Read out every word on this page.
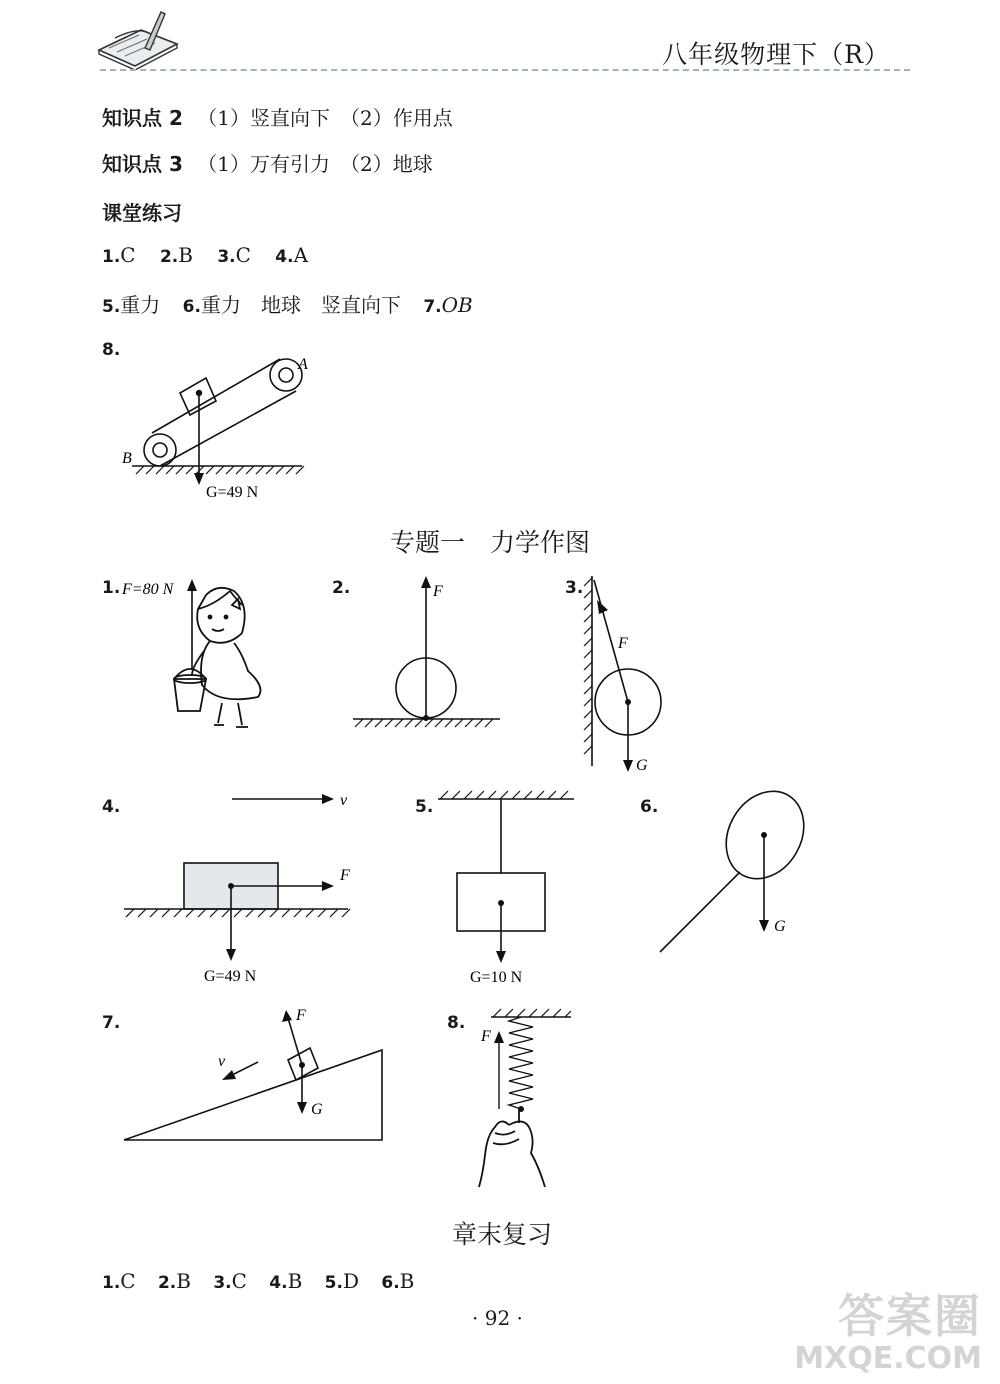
八年级物理下（R）
知识点 2 （1）竖直向下　（2）作用点
知识点 3 （1）万有引力　（2）地球
课堂练习
1.C 2.B 3.C 4.A
5.重力 6.重力　地球　竖直向下 7.OB
8.
A
B
G=49 N
专题一　力学作图
1. F=80 N	2.	F	3.
F
G
4.	v
F
G=49 N
5.
G=10 N
6.
G
7.
G
F
v
8.
F
章末复习
1.C 2.B 3.C 4.B 5.D 6.B
· 92 ·	答案圈
MXQE.COM
